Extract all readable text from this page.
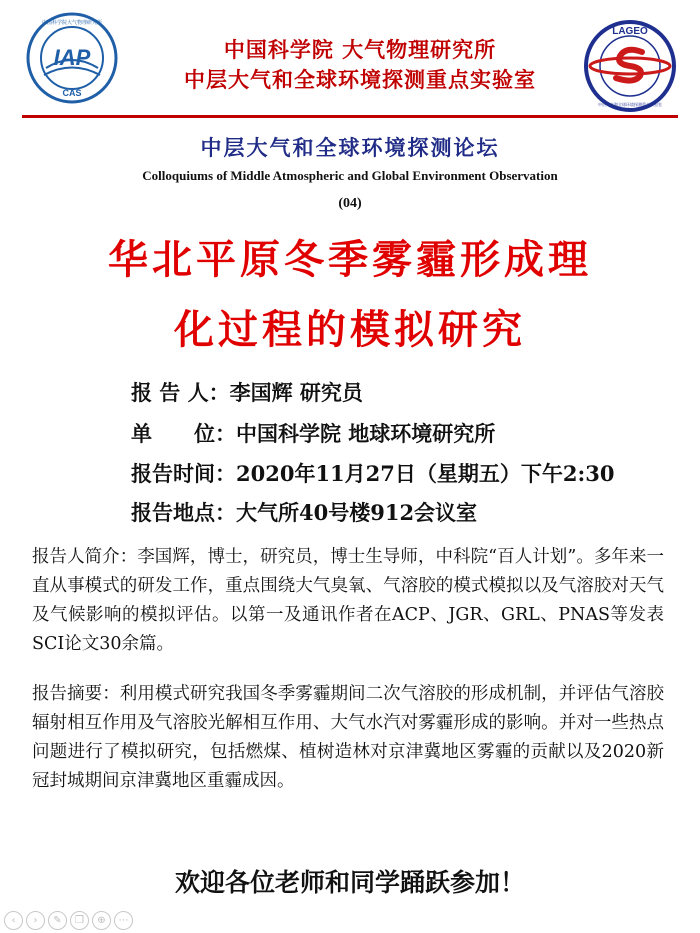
IAP
CAS
中国科学院大气物理研究所
LAGEO
中层大气和全球环境探测重点实验室
中国科学院 大气物理研究所
中层大气和全球环境探测重点实验室
中层大气和全球环境探测论坛
Colloquiums of Middle Atmospheric and Global Environment Observation
(04)
华北平原冬季雾霾形成理
化过程的模拟研究
报 告 人：李国辉 研究员
单　　位：中国科学院 地球环境研究所
报告时间：2020年11月27日（星期五）下午2:30
报告地点：大气所40号楼912会议室
报告人简介：李国辉，博士，研究员，博士生导师，中科院“百人计划”。多年来一直从事模式的研发工作，重点围绕大气臭氧、气溶胶的模式模拟以及气溶胶对天气及气候影响的模拟评估。以第一及通讯作者在ACP、JGR、GRL、PNAS等发表SCI论文30余篇。
报告摘要：利用模式研究我国冬季雾霾期间二次气溶胶的形成机制，并评估气溶胶辐射相互作用及气溶胶光解相互作用、大气水汽对雾霾形成的影响。并对一些热点问题进行了模拟研究，包括燃煤、植树造林对京津冀地区雾霾的贡献以及2020新冠封城期间京津冀地区重霾成因。
欢迎各位老师和同学踊跃参加！
‹	›	✎	❐	⊕	⋯
